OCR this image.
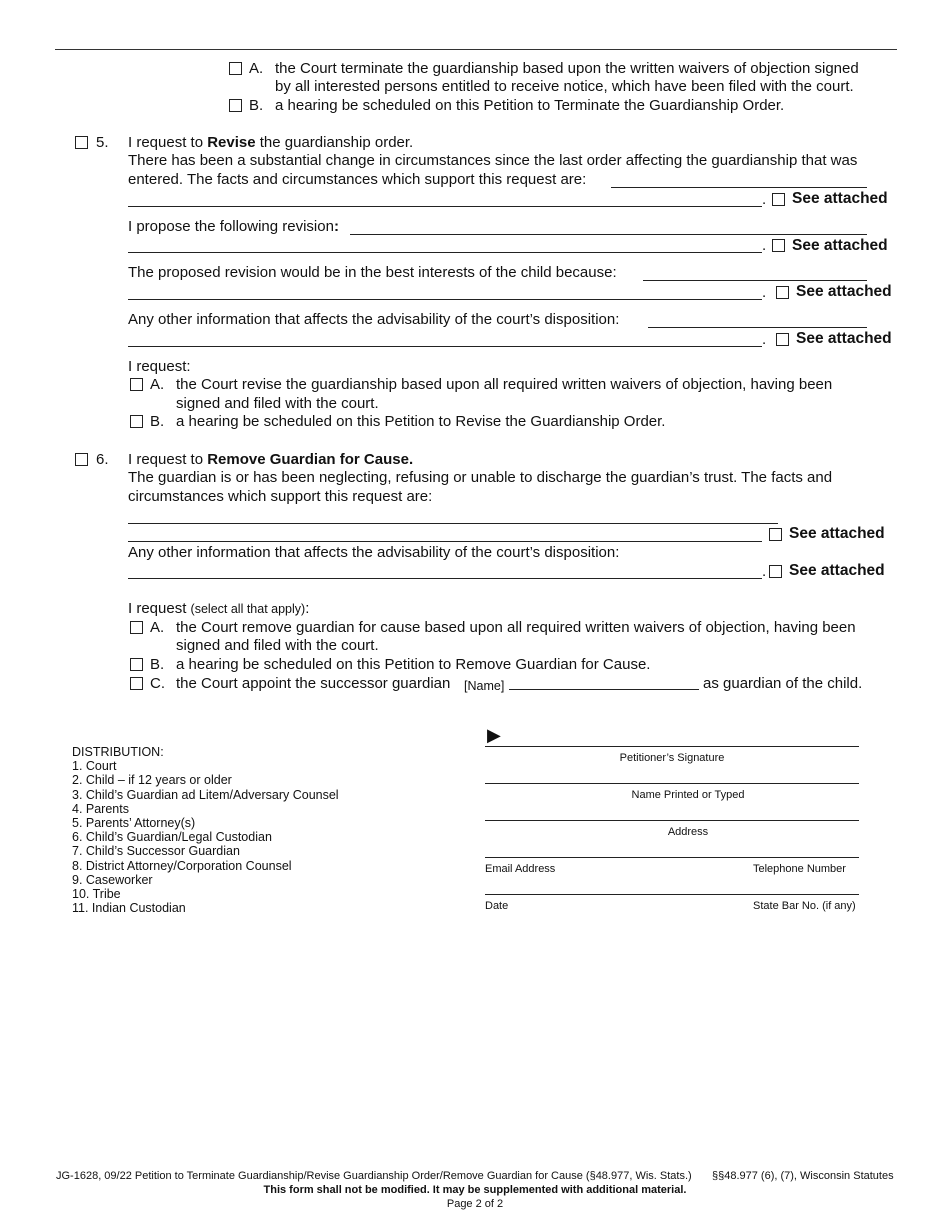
A. the Court terminate the guardianship based upon the written waivers of objection signed
by all interested persons entitled to receive notice, which have been filed with the court.
B. a hearing be scheduled on this Petition to Terminate the Guardianship Order.
5. I request to Revise the guardianship order.
There has been a substantial change in circumstances since the last order affecting the guardianship that was
entered. The facts and circumstances which support this request are:
. See attached
I propose the following revision:
. See attached
The proposed revision would be in the best interests of the child because:
. See attached
Any other information that affects the advisability of the court’s disposition:
. See attached
I request:
A. the Court revise the guardianship based upon all required written waivers of objection, having been
signed and filed with the court.
B. a hearing be scheduled on this Petition to Revise the Guardianship Order.
6. I request to Remove Guardian for Cause.
The guardian is or has been neglecting, refusing or unable to discharge the guardian’s trust. The facts and
circumstances which support this request are:
See attached
Any other information that affects the advisability of the court’s disposition:
. See attached
I request (select all that apply):
A. the Court remove guardian for cause based upon all required written waivers of objection, having been
signed and filed with the court.
B. a hearing be scheduled on this Petition to Remove Guardian for Cause.
C. the Court appoint the successor guardian [Name]	as guardian of the child.
DISTRIBUTION:
1. Court
2. Child – if 12 years or older
3. Child’s Guardian ad Litem/Adversary Counsel
4. Parents
5. Parents’ Attorney(s)
6. Child’s Guardian/Legal Custodian
7. Child’s Successor Guardian
8. District Attorney/Corporation Counsel
9. Caseworker
10. Tribe
11. Indian Custodian
▶
Petitioner’s Signature
Name Printed or Typed
Address
Email Address	Telephone Number
Date	State Bar No. (if any)
JG-1628, 09/22 Petition to Terminate Guardianship/Revise Guardianship Order/Remove Guardian for Cause (§48.977, Wis. Stats.) §§48.977 (6), (7), Wisconsin Statutes
This form shall not be modified. It may be supplemented with additional material.
Page 2 of 2
